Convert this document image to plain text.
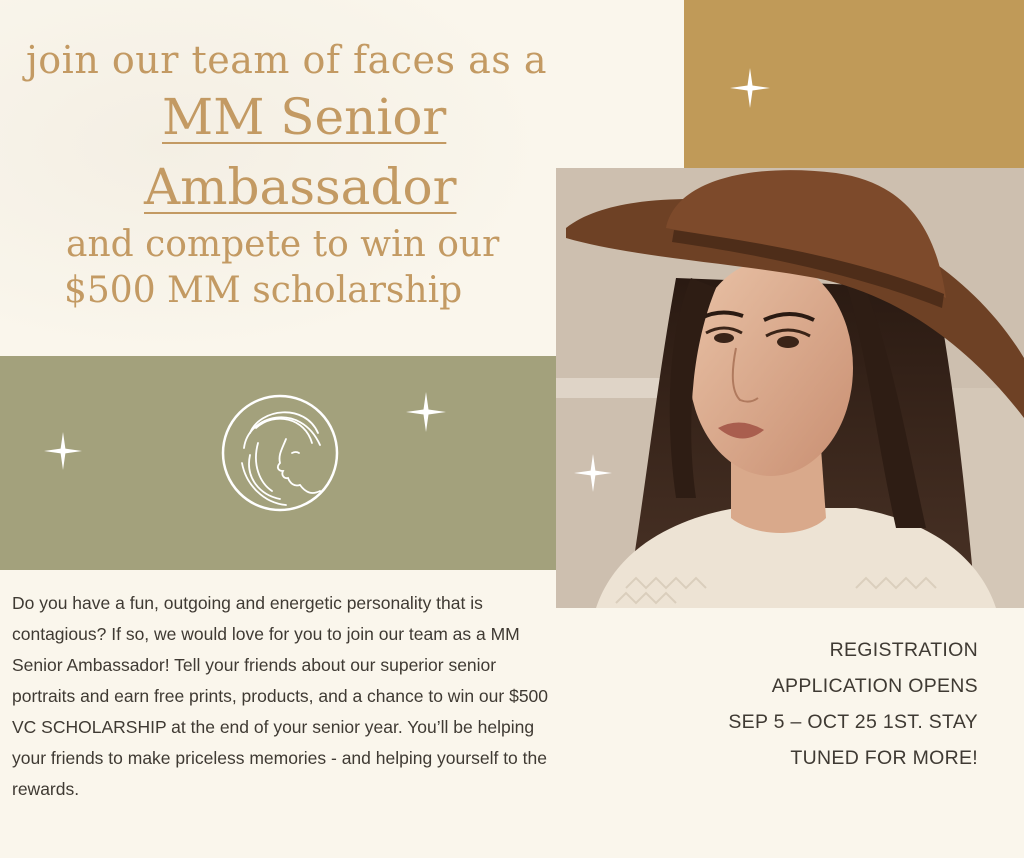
join our team of faces as a

MM Senior

Ambassador

and compete to win our

$500 MM scholarship

Do you have a fun, outgoing and energetic personality that is contagious? If so, we would love for you to join our team as a MM Senior Ambassador! Tell your friends about our superior senior portraits and earn free prints, products, and a chance to win our $500 VC SCHOLARSHIP at the end of your senior year. You’ll be helping your friends to make priceless memories - and helping yourself to the rewards.

REGISTRATION
APPLICATION OPENS
SEP 5 – OCT 25 1ST. STAY
TUNED FOR MORE!
